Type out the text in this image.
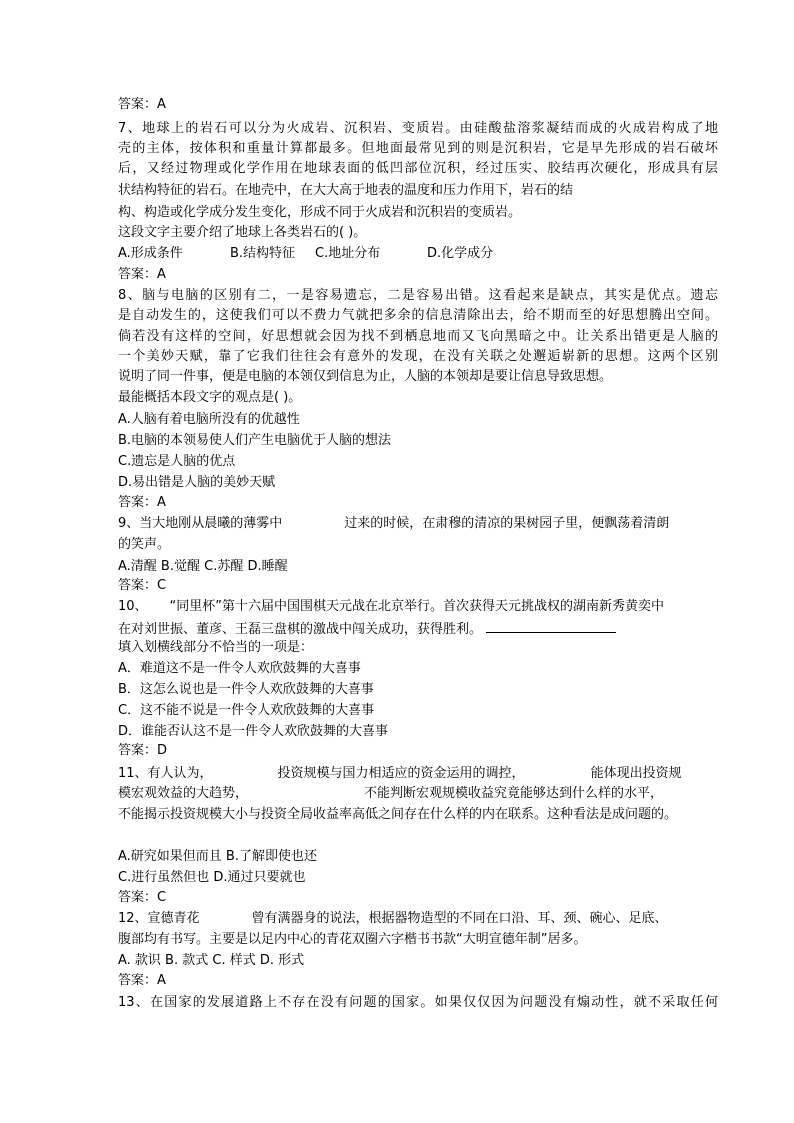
答案：A
7、地球上的岩石可以分为火成岩、沉积岩、变质岩。由硅酸盐溶浆凝结而成的火成岩构成了地
壳的主体，按体积和重量计算都最多。但地面最常见到的则是沉积岩，它是早先形成的岩石破坏
后，又经过物理或化学作用在地球表面的低凹部位沉积，经过压实、胶结再次硬化，形成具有层
状结构特征的岩石。在地壳中，在大大高于地表的温度和压力作用下，岩石的结
构、构造或化学成分发生变化，形成不同于火成岩和沉积岩的变质岩。
这段文字主要介绍了地球上各类岩石的( )。
A.形成条件	B.结构特征 C.地址分布	D.化学成分
答案：A
8、脑与电脑的区别有二，一是容易遗忘，二是容易出错。这看起来是缺点，其实是优点。遗忘
是自动发生的，这使我们可以不费力气就把多余的信息清除出去，给不期而至的好思想腾出空间。
倘若没有这样的空间，好思想就会因为找不到栖息地而又飞向黑暗之中。让关系出错更是人脑的
一个美妙天赋，靠了它我们往往会有意外的发现，在没有关联之处邂逅崭新的思想。这两个区别
说明了同一件事，便是电脑的本领仅到信息为止，人脑的本领却是要让信息导致思想。
最能概括本段文字的观点是( )。
A.人脑有着电脑所没有的优越性
B.电脑的本领易使人们产生电脑优于人脑的想法
C.遗忘是人脑的优点
D.易出错是人脑的美妙天赋
答案：A
9、当大地刚从晨曦的薄雾中	过来的时候，在肃穆的清凉的果树园子里，便飘荡着清朗
的笑声。
A.清醒 B.觉醒 C.苏醒 D.睡醒
答案：C
10、 “同里杯”第十六届中国围棋天元战在北京举行。首次获得天元挑战权的湖南新秀黄奕中
在对刘世振、董彦、王磊三盘棋的激战中闯关成功，获得胜利。
填入划横线部分不恰当的一项是：
A．难道这不是一件令人欢欣鼓舞的大喜事
B．这怎么说也是一件令人欢欣鼓舞的大喜事
C．这不能不说是一件令人欢欣鼓舞的大喜事
D．谁能否认这不是一件令人欢欣鼓舞的大喜事
答案：D
11、有人认为，	投资规模与国力相适应的资金运用的调控，	能体现出投资规
模宏观效益的大趋势，	不能判断宏观规模收益究竟能够达到什么样的水平，
不能揭示投资规模大小与投资全局收益率高低之间存在什么样的内在联系。这种看法是成问题的。
A.研究如果但而且 B.了解即使也还
C.进行虽然但也 D.通过只要就也
答案：C
12、宣德青花	曾有满器身的说法，根据器物造型的不同在口沿、耳、颈、碗心、足底、
腹部均有书写。主要是以足内中心的青花双圈六字楷书书款“大明宣德年制”居多。
A. 款识 B. 款式 C. 样式 D. 形式
答案：A
13、在国家的发展道路上不存在没有问题的国家。如果仅仅因为问题没有煽动性，就不采取任何
